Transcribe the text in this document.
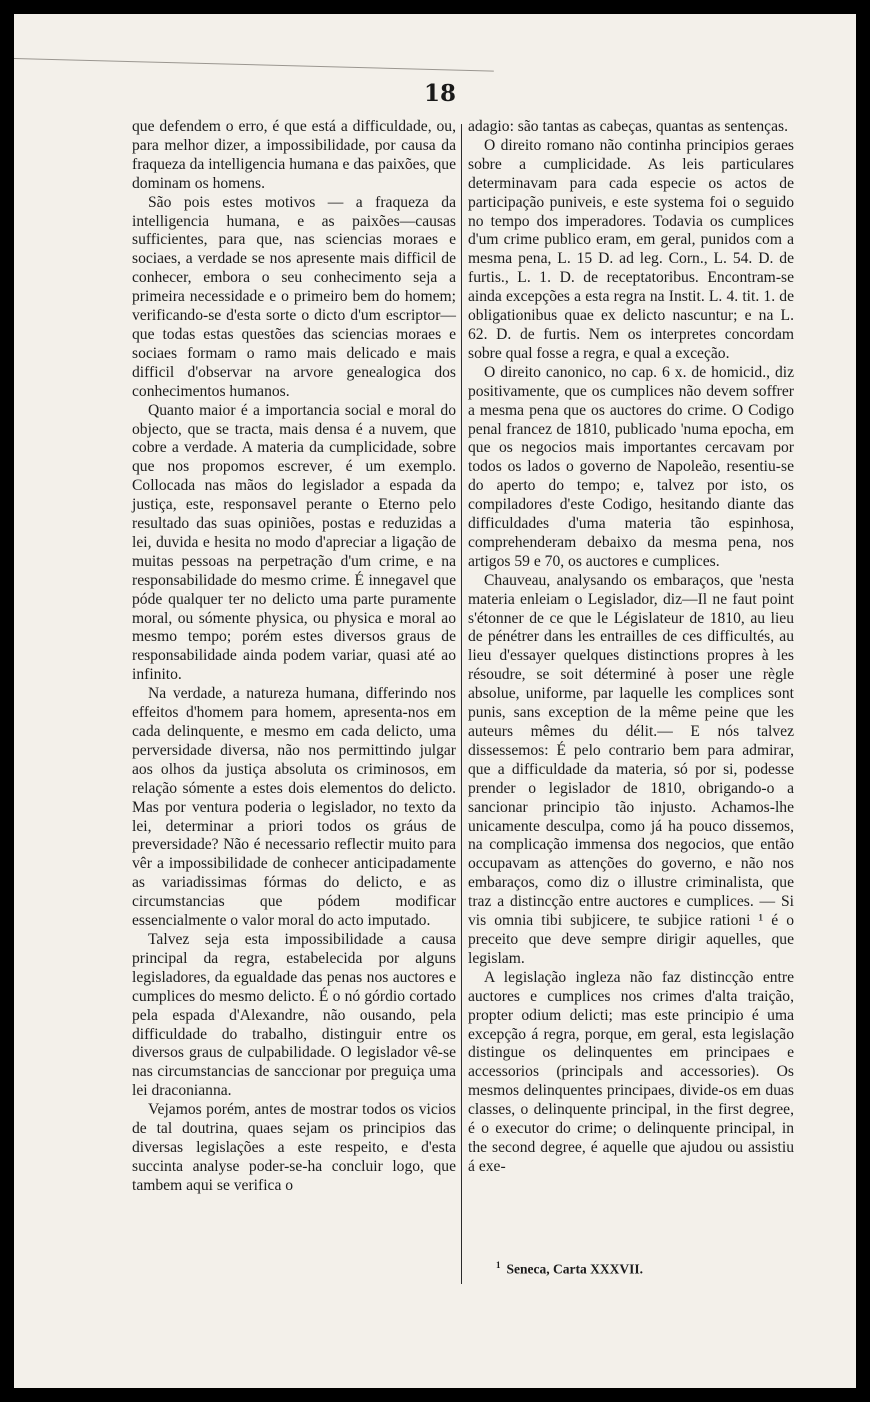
18

que defendem o erro, é que está a difficuldade, ou, para melhor dizer, a impossibilidade, por causa da fraqueza da intelligencia humana e das paixões, que dominam os homens.

São pois estes motivos — a fraqueza da intelligencia humana, e as paixões—causas sufficientes, para que, nas sciencias moraes e sociaes, a verdade se nos apresente mais difficil de conhecer, embora o seu conhecimento seja a primeira necessidade e o primeiro bem do homem; verificando-se d'esta sorte o dicto d'um escriptor—que todas estas questões das sciencias moraes e sociaes formam o ramo mais delicado e mais difficil d'observar na arvore genealogica dos conhecimentos humanos.

Quanto maior é a importancia social e moral do objecto, que se tracta, mais densa é a nuvem, que cobre a verdade. A materia da cumplicidade, sobre que nos propomos escrever, é um exemplo. Collocada nas mãos do legislador a espada da justiça, este, responsavel perante o Eterno pelo resultado das suas opiniões, postas e reduzidas a lei, duvida e hesita no modo d'apreciar a ligação de muitas pessoas na perpetração d'um crime, e na responsabilidade do mesmo crime. É innegavel que póde qualquer ter no delicto uma parte puramente moral, ou sómente physica, ou physica e moral ao mesmo tempo; porém estes diversos graus de responsabilidade ainda podem variar, quasi até ao infinito.

Na verdade, a natureza humana, differindo nos effeitos d'homem para homem, apresenta-nos em cada delinquente, e mesmo em cada delicto, uma perversidade diversa, não nos permittindo julgar aos olhos da justiça absoluta os criminosos, em relação sómente a estes dois elementos do delicto. Mas por ventura poderia o legislador, no texto da lei, determinar a priori todos os gráus de preversidade? Não é necessario reflectir muito para vêr a impossibilidade de conhecer anticipadamente as variadissimas fórmas do delicto, e as circumstancias que pódem modificar essencialmente o valor moral do acto imputado.

Talvez seja esta impossibilidade a causa principal da regra, estabelecida por alguns legisladores, da egualdade das penas nos auctores e cumplices do mesmo delicto. É o nó górdio cortado pela espada d'Alexandre, não ousando, pela difficuldade do trabalho, distinguir entre os diversos graus de culpabilidade. O legislador vê-se nas circumstancias de sanccionar por preguiça uma lei draconianna.

Vejamos porém, antes de mostrar todos os vicios de tal doutrina, quaes sejam os principios das diversas legislações a este respeito, e d'esta succinta analyse poder-se-ha concluir logo, que tambem aqui se verifica o

adagio: são tantas as cabeças, quantas as sentenças.

O direito romano não continha principios geraes sobre a cumplicidade. As leis particulares determinavam para cada especie os actos de participação puniveis, e este systema foi o seguido no tempo dos imperadores. Todavia os cumplices d'um crime publico eram, em geral, punidos com a mesma pena, L. 15 D. ad leg. Corn., L. 54. D. de furtis., L. 1. D. de receptatoribus. Encontram-se ainda excepções a esta regra na Instit. L. 4. tit. 1. de obligationibus quae ex delicto nascuntur; e na L. 62. D. de furtis. Nem os interpretes concordam sobre qual fosse a regra, e qual a exceção.

O direito canonico, no cap. 6 x. de homicid., diz positivamente, que os cumplices não devem soffrer a mesma pena que os auctores do crime. O Codigo penal francez de 1810, publicado 'numa epocha, em que os negocios mais importantes cercavam por todos os lados o governo de Napoleão, resentiu-se do aperto do tempo; e, talvez por isto, os compiladores d'este Codigo, hesitando diante das difficuldades d'uma materia tão espinhosa, comprehenderam debaixo da mesma pena, nos artigos 59 e 70, os auctores e cumplices.

Chauveau, analysando os embaraços, que 'nesta materia enleiam o Legislador, diz—Il ne faut point s'étonner de ce que le Législateur de 1810, au lieu de pénétrer dans les entrailles de ces difficultés, au lieu d'essayer quelques distinctions propres à les résoudre, se soit déterminé à poser une règle absolue, uniforme, par laquelle les complices sont punis, sans exception de la même peine que les auteurs mêmes du délit.— E nós talvez dissessemos: É pelo contrario bem para admirar, que a difficuldade da materia, só por si, podesse prender o legislador de 1810, obrigando-o a sancionar principio tão injusto. Achamos-lhe unicamente desculpa, como já ha pouco dissemos, na complicação immensa dos negocios, que então occupavam as attenções do governo, e não nos embaraços, como diz o illustre criminalista, que traz a distincção entre auctores e cumplices. — Si vis omnia tibi subjicere, te subjice rationi ¹ é o preceito que deve sempre dirigir aquelles, que legislam.

A legislação ingleza não faz distincção entre auctores e cumplices nos crimes d'alta traição, propter odium delicti; mas este principio é uma excepção á regra, porque, em geral, esta legislação distingue os delinquentes em principaes e accessorios (principals and accessories). Os mesmos delinquentes principaes, divide-os em duas classes, o delinquente principal, in the first degree, é o executor do crime; o delinquente principal, in the second degree, é aquelle que ajudou ou assistiu á exe-

$^1$ Seneca, Carta XXXVII.
